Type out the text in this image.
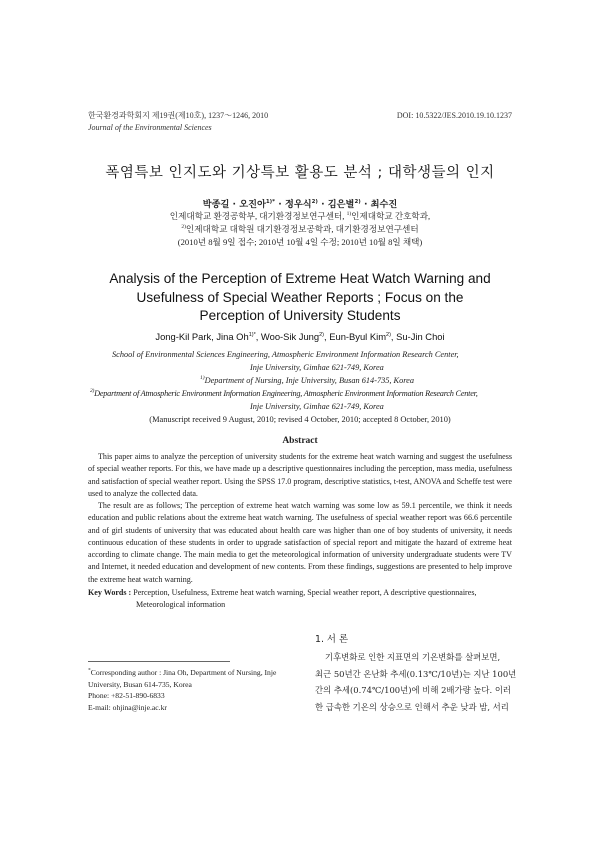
한국환경과학회지 제19권(제10호), 1237～1246, 2010
Journal of the Environmental Sciences
DOI: 10.5322/JES.2010.19.10.1237
폭염특보 인지도와 기상특보 활용도 분석 ; 대학생들의 인지
박종길 · 오진아$^{1)*}$ · 정우식$^{2)}$ · 김은별$^{2)}$ · 최수진
인제대학교 환경공학부, 대기환경정보연구센터, $^{1)}$인제대학교 간호학과,
$^{2)}$인제대학교 대학원 대기환경정보공학과, 대기환경정보연구센터
(2010년 8월 9일 접수; 2010년 10월 4일 수정; 2010년 10월 8일 채택)
Analysis of the Perception of Extreme Heat Watch Warning and
Usefulness of Special Weather Reports ; Focus on the
Perception of University Students
Jong-Kil Park, Jina $Oh^{1)*}$, Woo-Sik Jung$^{2)}$, Eun-Byul Kim$^{2)}$, Su-Jin Choi
School of Environmental Sciences Engineering, Atmospheric Environment Information Research Center,
Inje University, Gimhae 621-749, Korea
$^{1)}$Department of Nursing, Inje University, Busan 614-735, Korea
$^{2)}$Department of Atmospheric Environment Information Engineering, Atmospheric Environment Information Research Center,
Inje University, Gimhae 621-749, Korea
(Manuscript received 9 August, 2010; revised 4 October, 2010; accepted 8 October, 2010)
Abstract

This paper aims to analyze the perception of university students for the extreme heat watch warning and suggest the usefulness of special weather reports. For this, we have made up a descriptive questionnaires including the perception, mass media, usefulness and satisfaction of special weather report. Using the SPSS 17.0 program, descriptive statistics, t-test, ANOVA and Scheffe test were used to analyze the collected data.

The result are as follows; The perception of extreme heat watch warning was some low as 59.1 percentile, we think it needs education and public relations about the extreme heat watch warning. The usefulness of special weather report was 66.6 percentile and of girl students of university that was educated about health care was higher than one of boy students of university, it needs continuous education of these students in order to upgrade satisfaction of special report and mitigate the hazard of extreme heat according to climate change. The main media to get the meteorological information of university undergraduate students were TV and Internet, it needed education and development of new contents. From these findings, suggestions are presented to help improve the extreme heat watch warning.

Key Words : Perception, Usefulness, Extreme heat watch warning, Special weather report, A descriptive questionnaires,
Meteorological information
*Corresponding author : Jina Oh, Department of Nursing, Inje
University, Busan 614-735, Korea
Phone: +82-51-890-6833
E-mail: ohjina@inje.ac.kr
1. 서 론
기후변화로 인한 지표면의 기온변화를 살펴보면,
최근 50년간 온난화 추세(0.13℃/10년)는 지난 100년
간의 추세(0.74℃/100년)에 비해 2배가량 높다. 이러
한 급속한 기온의 상승으로 인해서 추운 낮과 밤, 서리
